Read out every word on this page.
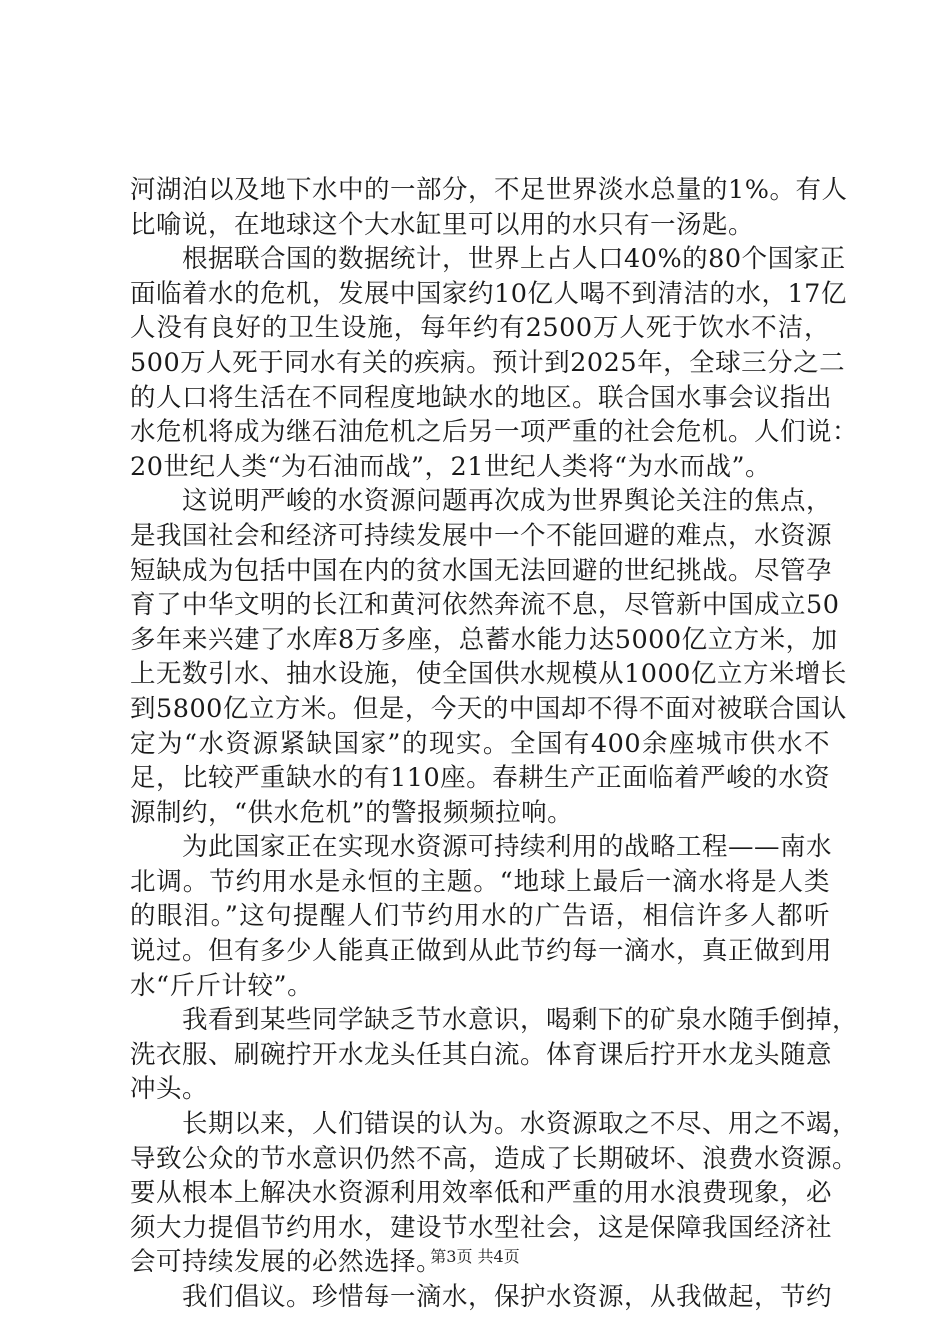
河湖泊以及地下水中的一部分，不足世界淡水总量的1%。有人
比喻说，在地球这个大水缸里可以用的水只有一汤匙。
　　根据联合国的数据统计，世界上占人口40%的80个国家正
面临着水的危机，发展中国家约10亿人喝不到清洁的水，17亿
人没有良好的卫生设施，每年约有2500万人死于饮水不洁，
500万人死于同水有关的疾病。预计到2025年，全球三分之二
的人口将生活在不同程度地缺水的地区。联合国水事会议指出
水危机将成为继石油危机之后另一项严重的社会危机。人们说：
20世纪人类“为石油而战”，21世纪人类将“为水而战”。
　　这说明严峻的水资源问题再次成为世界舆论关注的焦点，
是我国社会和经济可持续发展中一个不能回避的难点，水资源
短缺成为包括中国在内的贫水国无法回避的世纪挑战。尽管孕
育了中华文明的长江和黄河依然奔流不息，尽管新中国成立50
多年来兴建了水库8万多座，总蓄水能力达5000亿立方米，加
上无数引水、抽水设施，使全国供水规模从1000亿立方米增长
到5800亿立方米。但是，今天的中国却不得不面对被联合国认
定为“水资源紧缺国家”的现实。全国有400余座城市供水不
足，比较严重缺水的有110座。春耕生产正面临着严峻的水资
源制约，“供水危机”的警报频频拉响。
　　为此国家正在实现水资源可持续利用的战略工程——南水
北调。节约用水是永恒的主题。“地球上最后一滴水将是人类
的眼泪。”这句提醒人们节约用水的广告语，相信许多人都听
说过。但有多少人能真正做到从此节约每一滴水，真正做到用
水“斤斤计较”。
　　我看到某些同学缺乏节水意识，喝剩下的矿泉水随手倒掉，
洗衣服、刷碗拧开水龙头任其白流。体育课后拧开水龙头随意
冲头。
　　长期以来，人们错误的认为。水资源取之不尽、用之不竭，
导致公众的节水意识仍然不高，造成了长期破坏、浪费水资源。
要从根本上解决水资源利用效率低和严重的用水浪费现象，必
须大力提倡节约用水，建设节水型社会，这是保障我国经济社
会可持续发展的必然选择。
　　我们倡议。珍惜每一滴水，保护水资源，从我做起，节约
第3页 共4页
